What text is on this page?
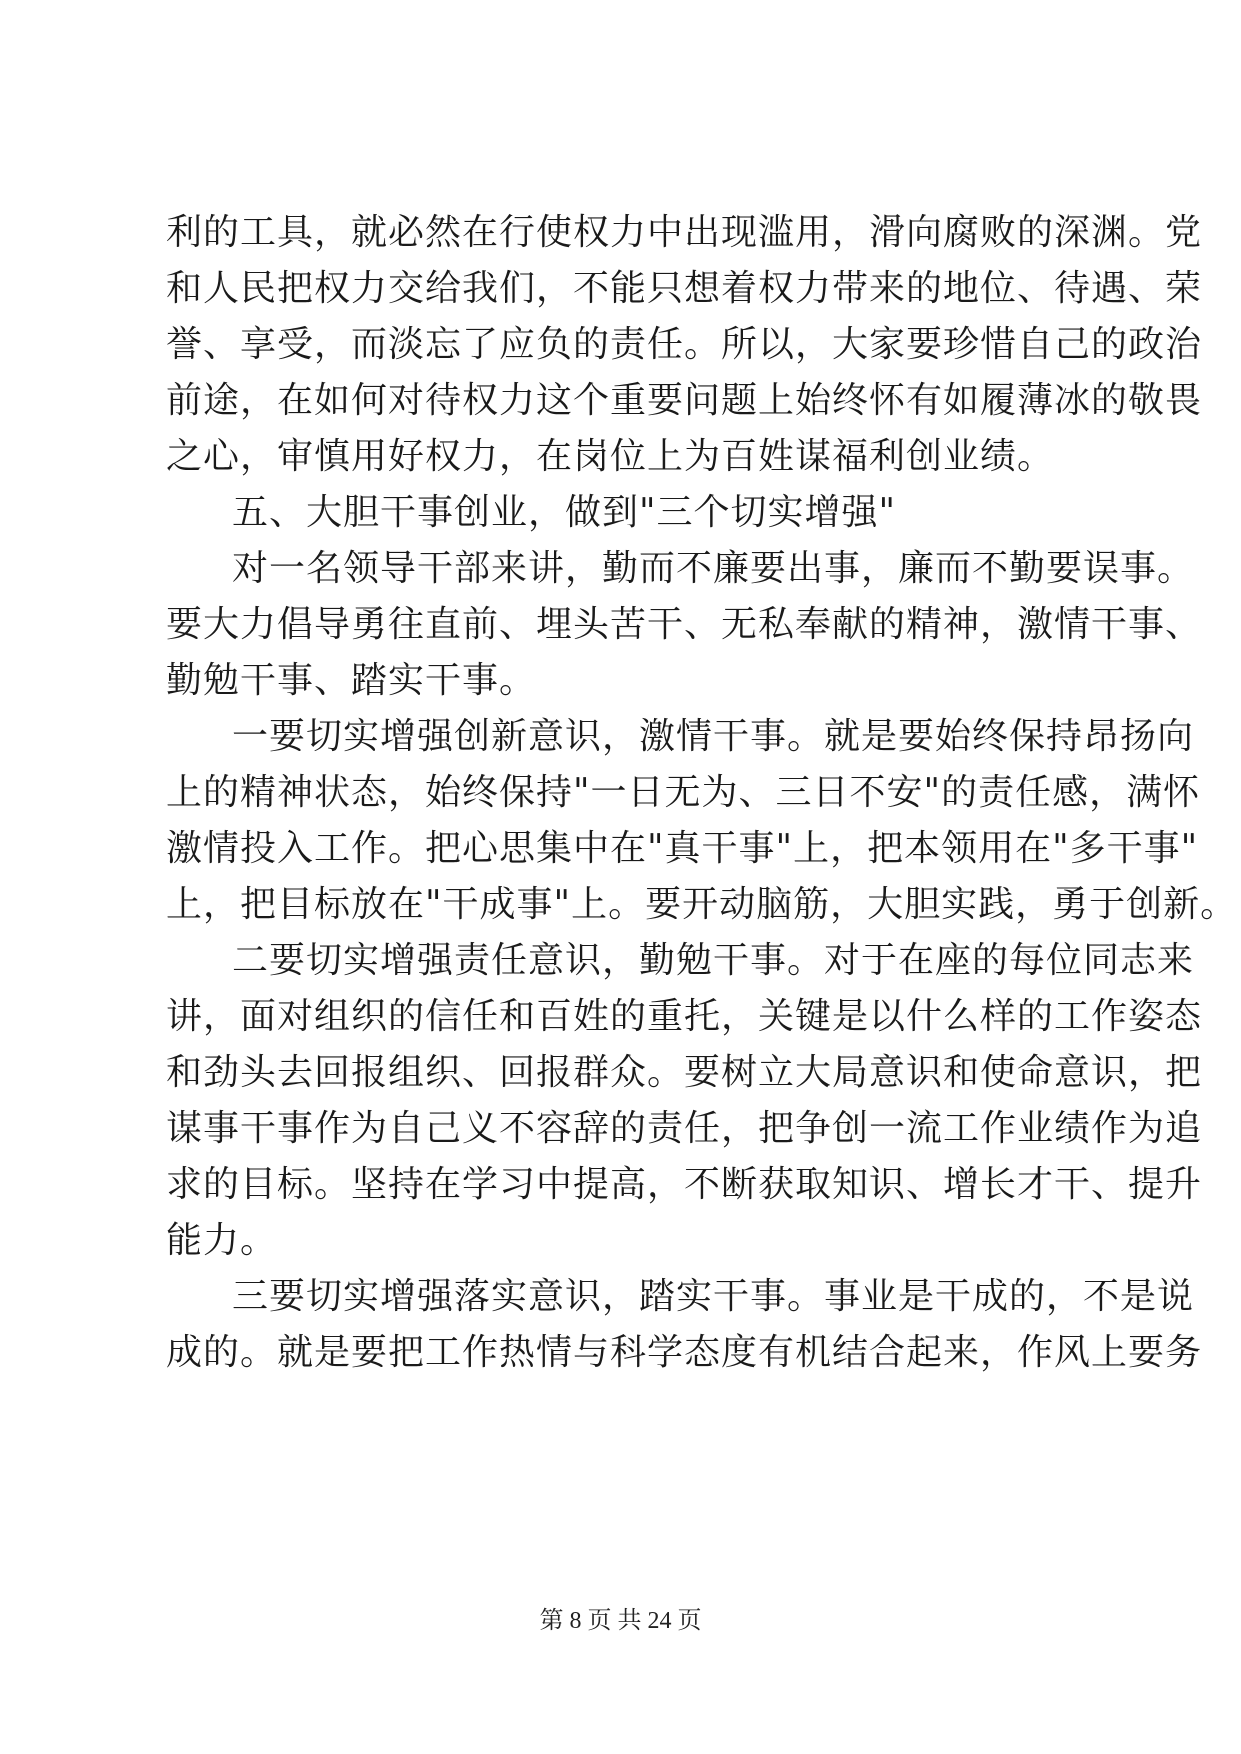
利的工具，就必然在行使权力中出现滥用，滑向腐败的深渊。党
和人民把权力交给我们，不能只想着权力带来的地位、待遇、荣
誉、享受，而淡忘了应负的责任。所以，大家要珍惜自己的政治
前途，在如何对待权力这个重要问题上始终怀有如履薄冰的敬畏
之心，审慎用好权力，在岗位上为百姓谋福利创业绩。
五、大胆干事创业，做到"三个切实增强"
对一名领导干部来讲，勤而不廉要出事，廉而不勤要误事。
要大力倡导勇往直前、埋头苦干、无私奉献的精神，激情干事、
勤勉干事、踏实干事。
一要切实增强创新意识，激情干事。就是要始终保持昂扬向
上的精神状态，始终保持"一日无为、三日不安"的责任感，满怀
激情投入工作。把心思集中在"真干事"上，把本领用在"多干事"
上，把目标放在"干成事"上。要开动脑筋，大胆实践，勇于创新。
二要切实增强责任意识，勤勉干事。对于在座的每位同志来
讲，面对组织的信任和百姓的重托，关键是以什么样的工作姿态
和劲头去回报组织、回报群众。要树立大局意识和使命意识，把
谋事干事作为自己义不容辞的责任，把争创一流工作业绩作为追
求的目标。坚持在学习中提高，不断获取知识、增长才干、提升
能力。
三要切实增强落实意识，踏实干事。事业是干成的，不是说
成的。就是要把工作热情与科学态度有机结合起来，作风上要务
第 8 页 共 24 页
